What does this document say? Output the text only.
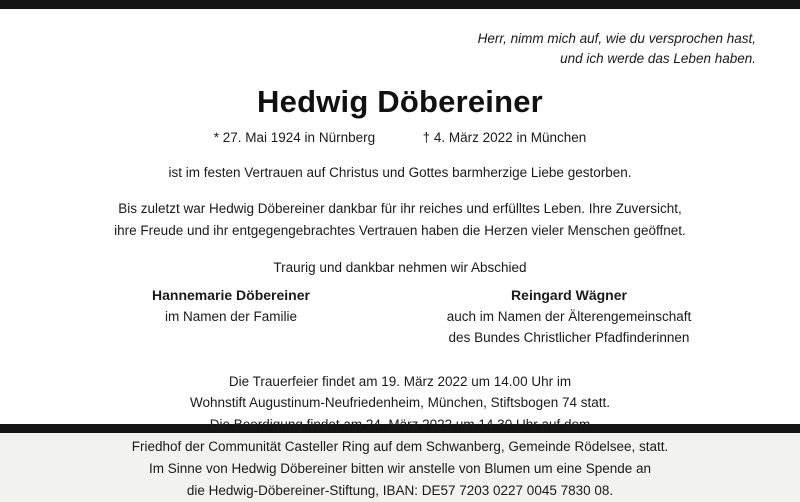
Herr, nimm mich auf, wie du versprochen hast,
und ich werde das Leben haben.
Hedwig Döbereiner
* 27. Mai 1924 in Nürnberg	† 4. März 2022 in München
ist im festen Vertrauen auf Christus und Gottes barmherzige Liebe gestorben.
Bis zuletzt war Hedwig Döbereiner dankbar für ihr reiches und erfülltes Leben. Ihre Zuversicht,
ihre Freude und ihr entgegengebrachtes Vertrauen haben die Herzen vieler Menschen geöffnet.
Traurig und dankbar nehmen wir Abschied
Hannemarie Döbereiner
im Namen der Familie
Reingard Wägner
auch im Namen der Älterengemeinschaft
des Bundes Christlicher Pfadfinderinnen
Die Trauerfeier findet am 19. März 2022 um 14.00 Uhr im
Wohnstift Augustinum-Neufriedenheim, München, Stiftsbogen 74 statt.
Die Beerdigung findet am 24. März 2022 um 14.30 Uhr auf dem
Friedhof der Communität Casteller Ring auf dem Schwanberg, Gemeinde Rödelsee, statt.
Im Sinne von Hedwig Döbereiner bitten wir anstelle von Blumen um eine Spende an
die Hedwig-Döbereiner-Stiftung, IBAN: DE57 7203 0227 0045 7830 08.
